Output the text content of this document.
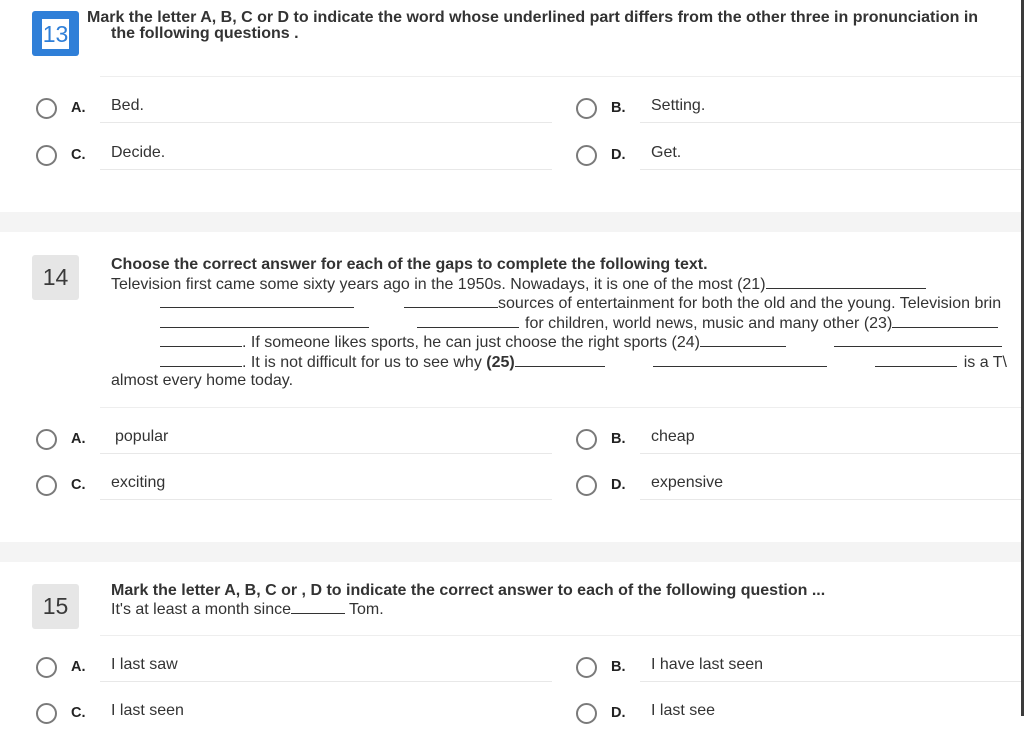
13
Mark the letter A, B, C or D to indicate the word whose underlined part differs from the other three in pronunciation in
the following questions .
A. Bed.	B. Setting.
C. Decide.	D. Get.
14	Choose the correct answer for each of the gaps to complete the following text.
Television first came some sixty years ago in the 1950s. Nowadays, it is one of the most (21)
sources of entertainment for both the old and the young. Television brin
for children, world news, music and many other (23)
. If someone likes sports, he can just choose the right sports (24)
. It is not difficult for us to see why (25)	is a T\
almost every home today.
A. popular	B. cheap
C. exciting	D. expensive
15
Mark the letter A, B, C or , D to indicate the correct answer to each of the following question ...
It's at least a month since	Tom.
A. I last saw	B. I have last seen
C. I last seen	D. I last see
